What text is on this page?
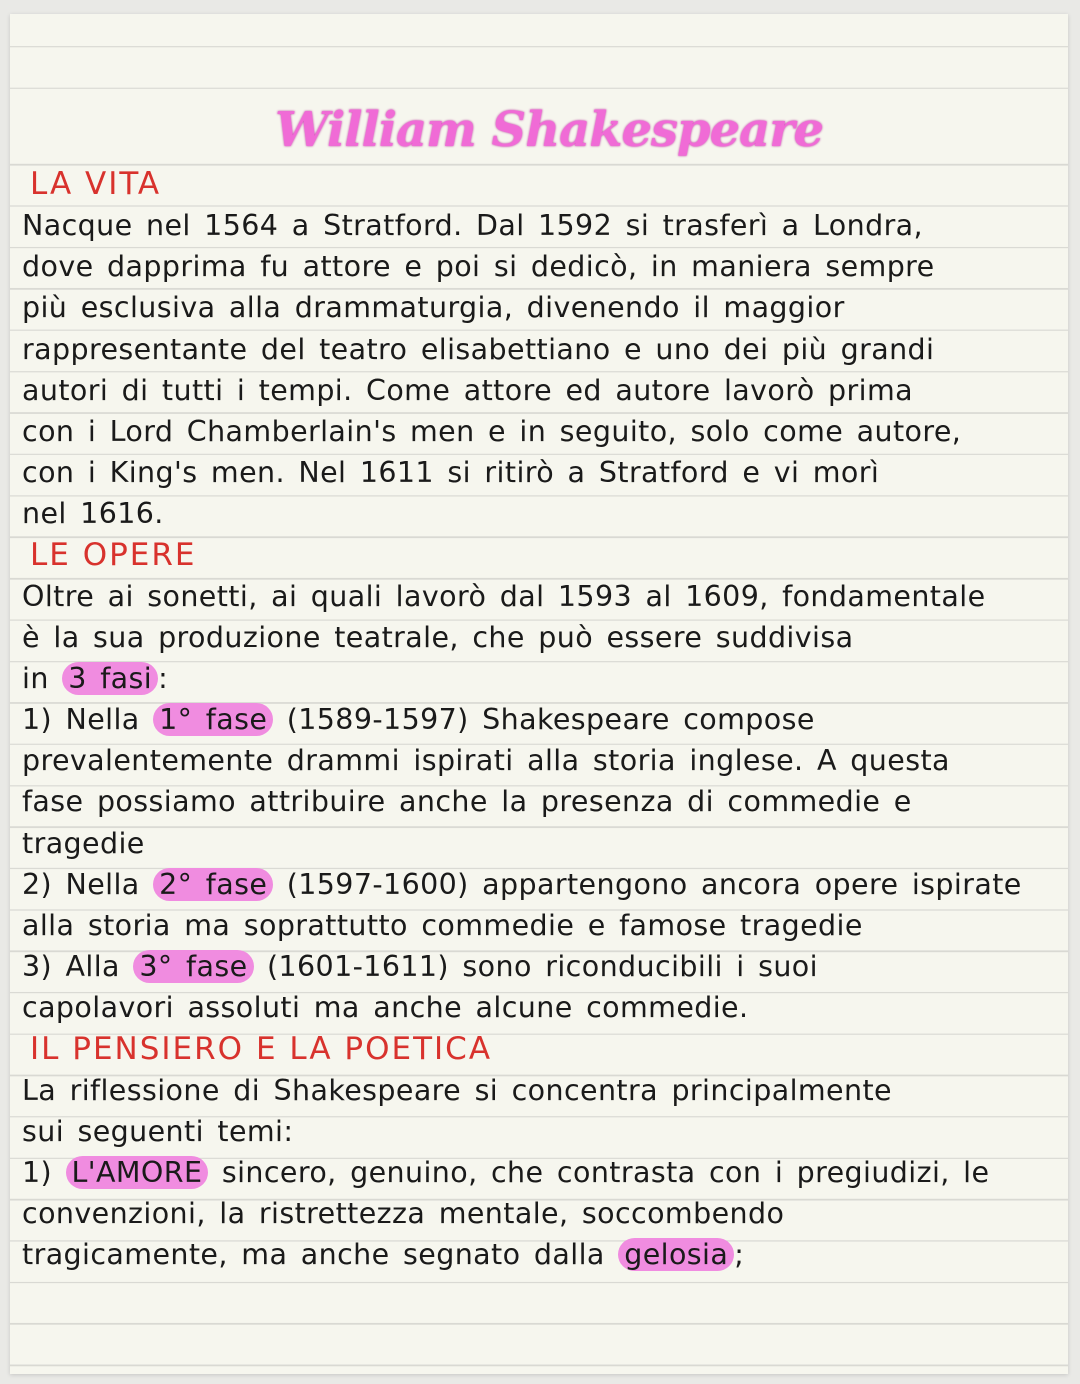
William Shakespeare
LA VITA
Nacque nel 1564 a Stratford. Dal 1592 si trasferì a Londra,
dove dapprima fu attore e poi si dedicò, in maniera sempre
più esclusiva alla drammaturgia, divenendo il maggior
rappresentante del teatro elisabettiano e uno dei più grandi
autori di tutti i tempi. Come attore ed autore lavorò prima
con i Lord Chamberlain's men e in seguito, solo come autore,
con i King's men. Nel 1611 si ritirò a Stratford e vi morì
nel 1616.
LE OPERE
Oltre ai sonetti, ai quali lavorò dal 1593 al 1609, fondamentale
è la sua produzione teatrale, che può essere suddivisa
in 3 fasi :
1) Nella 1° fase (1589-1597) Shakespeare compose
prevalentemente drammi ispirati alla storia inglese. A questa
fase possiamo attribuire anche la presenza di commedie e
tragedie
2) Nella 2° fase (1597-1600) appartengono ancora opere ispirate
alla storia ma soprattutto commedie e famose tragedie
3) Alla 3° fase (1601-1611) sono riconducibili i suoi
capolavori assoluti ma anche alcune commedie.
IL PENSIERO E LA POETICA
La riflessione di Shakespeare si concentra principalmente
sui seguenti temi:
1) L'AMORE sincero, genuino, che contrasta con i pregiudizi, le
convenzioni, la ristrettezza mentale, soccombendo
tragicamente, ma anche segnato dalla gelosia ;
